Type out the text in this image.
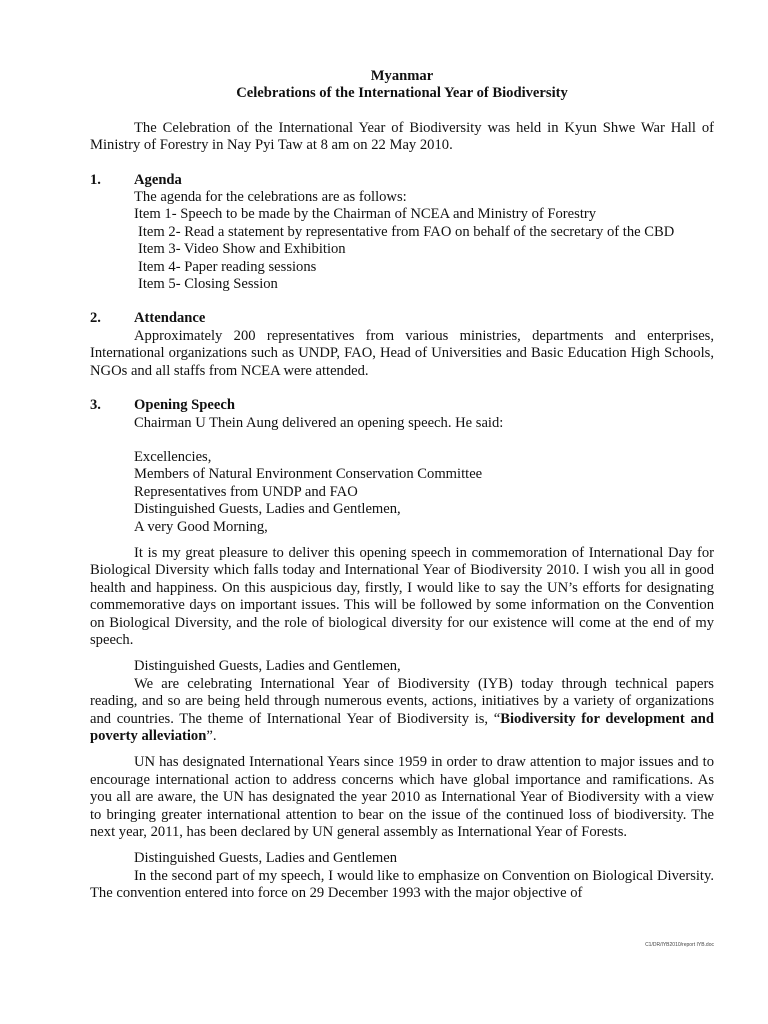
Myanmar

Celebrations of the International Year of Biodiversity

The Celebration of the International Year of Biodiversity was held in Kyun Shwe War Hall of Ministry of Forestry in Nay Pyi Taw at 8 am on 22 May 2010.

1. Agenda

The agenda for the celebrations are as follows:

Item 1- Speech to be made by the Chairman of NCEA and Ministry of Forestry

Item 2- Read a statement by representative from FAO on behalf of the secretary of the CBD

Item 3- Video Show and Exhibition

Item 4- Paper reading sessions

Item 5- Closing Session

2.	Attendance

Approximately 200 representatives from various ministries, departments and enterprises, International organizations such as UNDP, FAO, Head of Universities and Basic Education High Schools, NGOs and all staffs from NCEA were attended.

3.	Opening Speech

Chairman U Thein Aung delivered an opening speech. He said:

Excellencies,

Members of Natural Environment Conservation Committee

Representatives from UNDP and FAO

Distinguished Guests, Ladies and Gentlemen,

A very Good Morning,

It is my great pleasure to deliver this opening speech in commemoration of International Day for Biological Diversity which falls today and International Year of Biodiversity 2010. I wish you all in good health and happiness. On this auspicious day, firstly, I would like to say the UN’s efforts for designating commemorative days on important issues. This will be followed by some information on the Convention on Biological Diversity, and the role of biological diversity for our existence will come at the end of my speech.

Distinguished Guests, Ladies and Gentlemen,

We are celebrating International Year of Biodiversity (IYB) today through technical papers reading, and so are being held through numerous events, actions, initiatives by a variety of organizations and countries. The theme of International Year of Biodiversity is, “Biodiversity for development and poverty alleviation”.

UN has designated International Years since 1959 in order to draw attention to major issues and to encourage international action to address concerns which have global importance and ramifications. As you all are aware, the UN has designated the year 2010 as International Year of Biodiversity with a view to bringing greater international attention to bear on the issue of the continued loss of biodiversity. The next year, 2011, has been declared by UN general assembly as International Year of Forests.

Distinguished Guests, Ladies and Gentlemen

In the second part of my speech, I would like to emphasize on Convention on Biological Diversity. The convention entered into force on 29 December 1993 with the major objective of

C1/DR/IYB2010/report IYB.doc
